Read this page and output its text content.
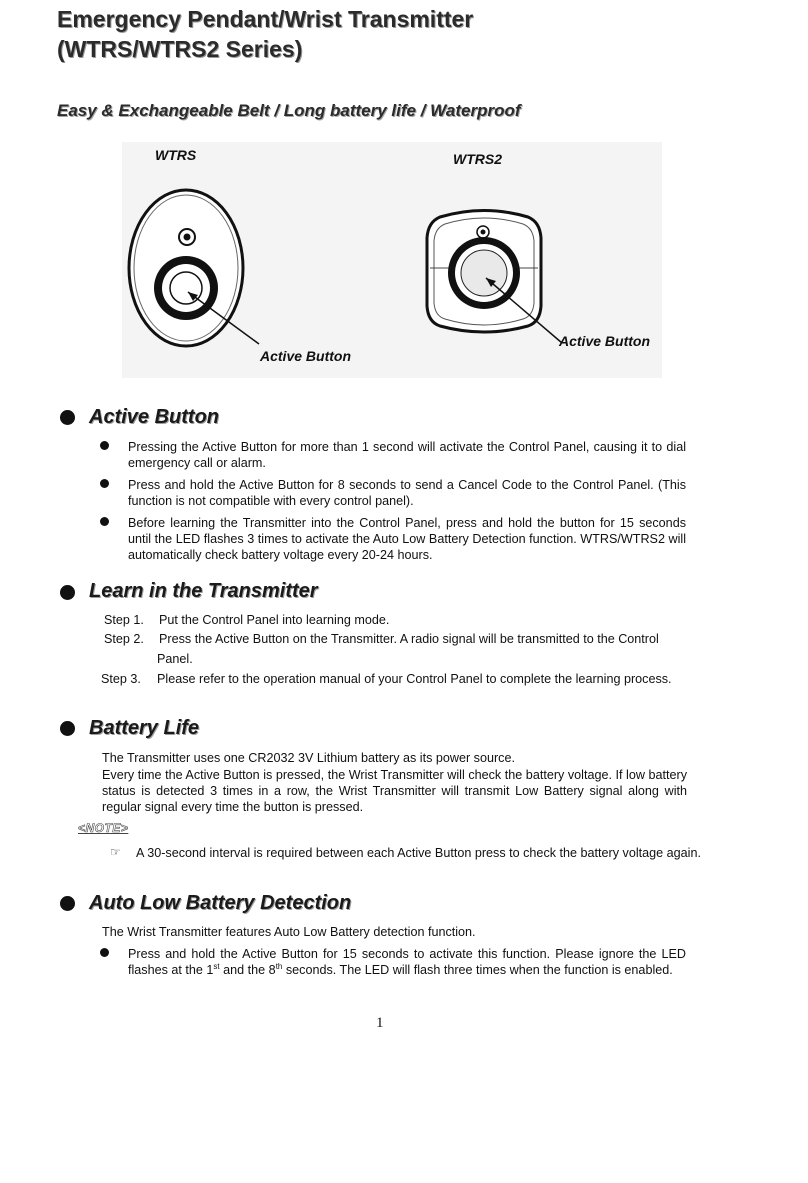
Emergency Pendant/Wrist Transmitter
(WTRS/WTRS2 Series)

Easy & Exchangeable Belt / Long battery life / Waterproof

WTRS
Active Button
WTRS2
Active Button
Active Button

Pressing the Active Button for more than 1 second will activate the Control Panel, causing it to dial emergency call or alarm.

Press and hold the Active Button for 8 seconds to send a Cancel Code to the Control Panel. (This function is not compatible with every control panel).

Before learning the Transmitter into the Control Panel, press and hold the button for 15 seconds until the LED flashes 3 times to activate the Auto Low Battery Detection function. WTRS/WTRS2 will automatically check battery voltage every 20-24 hours.

Learn in the Transmitter
Step 1. Put the Control Panel into learning mode.

Step 2. Press the Active Button on the Transmitter. A radio signal will be transmitted to the Control

Panel.

Step 3. Please refer to the operation manual of your Control Panel to complete the learning process.

Battery Life

The Transmitter uses one CR2032 3V Lithium battery as its power source.

Every time the Active Button is pressed, the Wrist Transmitter will check the battery voltage. If low battery status is detected 3 times in a row, the Wrist Transmitter will transmit Low Battery signal along with regular signal every time the button is pressed.

<NOTE>
☞ A 30-second interval is required between each Active Button press to check the battery voltage again.

Auto Low Battery Detection

The Wrist Transmitter features Auto Low Battery detection function.

Press and hold the Active Button for 15 seconds to activate this function. Please ignore the LED flashes at the 1st and the 8th seconds. The LED will flash three times when the function is enabled.

1
